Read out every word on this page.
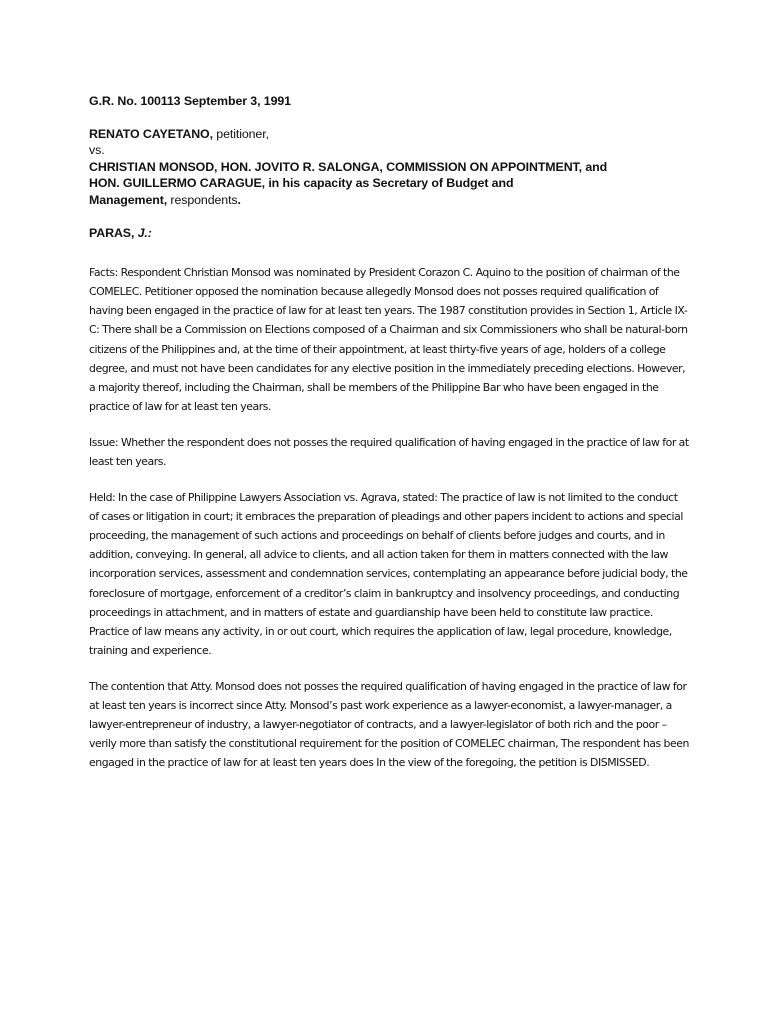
G.R. No. 100113 September 3, 1991
RENATO CAYETANO, petitioner,
vs.
CHRISTIAN MONSOD, HON. JOVITO R. SALONGA, COMMISSION ON APPOINTMENT, and
HON. GUILLERMO CARAGUE, in his capacity as Secretary of Budget and
Management, respondents.
PARAS, J.:

Facts: Respondent Christian Monsod was nominated by President Corazon C. Aquino to the position of chairman of the COMELEC. Petitioner opposed the nomination because allegedly Monsod does not posses required qualification of having been engaged in the practice of law for at least ten years. The 1987 constitution provides in Section 1, Article IX-C: There shall be a Commission on Elections composed of a Chairman and six Commissioners who shall be natural-born citizens of the Philippines and, at the time of their appointment, at least thirty-five years of age, holders of a college degree, and must not have been candidates for any elective position in the immediately preceding elections. However, a majority thereof, including the Chairman, shall be members of the Philippine Bar who have been engaged in the practice of law for at least ten years.

Issue: Whether the respondent does not posses the required qualification of having engaged in the practice of law for at least ten years.

Held: In the case of Philippine Lawyers Association vs. Agrava, stated: The practice of law is not limited to the conduct of cases or litigation in court; it embraces the preparation of pleadings and other papers incident to actions and special proceeding, the management of such actions and proceedings on behalf of clients before judges and courts, and in addition, conveying. In general, all advice to clients, and all action taken for them in matters connected with the law incorporation services, assessment and condemnation services, contemplating an appearance before judicial body, the foreclosure of mortgage, enforcement of a creditor’s claim in bankruptcy and insolvency proceedings, and conducting proceedings in attachment, and in matters of estate and guardianship have been held to constitute law practice. Practice of law means any activity, in or out court, which requires the application of law, legal procedure, knowledge, training and experience.

The contention that Atty. Monsod does not posses the required qualification of having engaged in the practice of law for at least ten years is incorrect since Atty. Monsod’s past work experience as a lawyer-economist, a lawyer-manager, a lawyer-entrepreneur of industry, a lawyer-negotiator of contracts, and a lawyer-legislator of both rich and the poor – verily more than satisfy the constitutional requirement for the position of COMELEC chairman, The respondent has been engaged in the practice of law for at least ten years does In the view of the foregoing, the petition is DISMISSED.
